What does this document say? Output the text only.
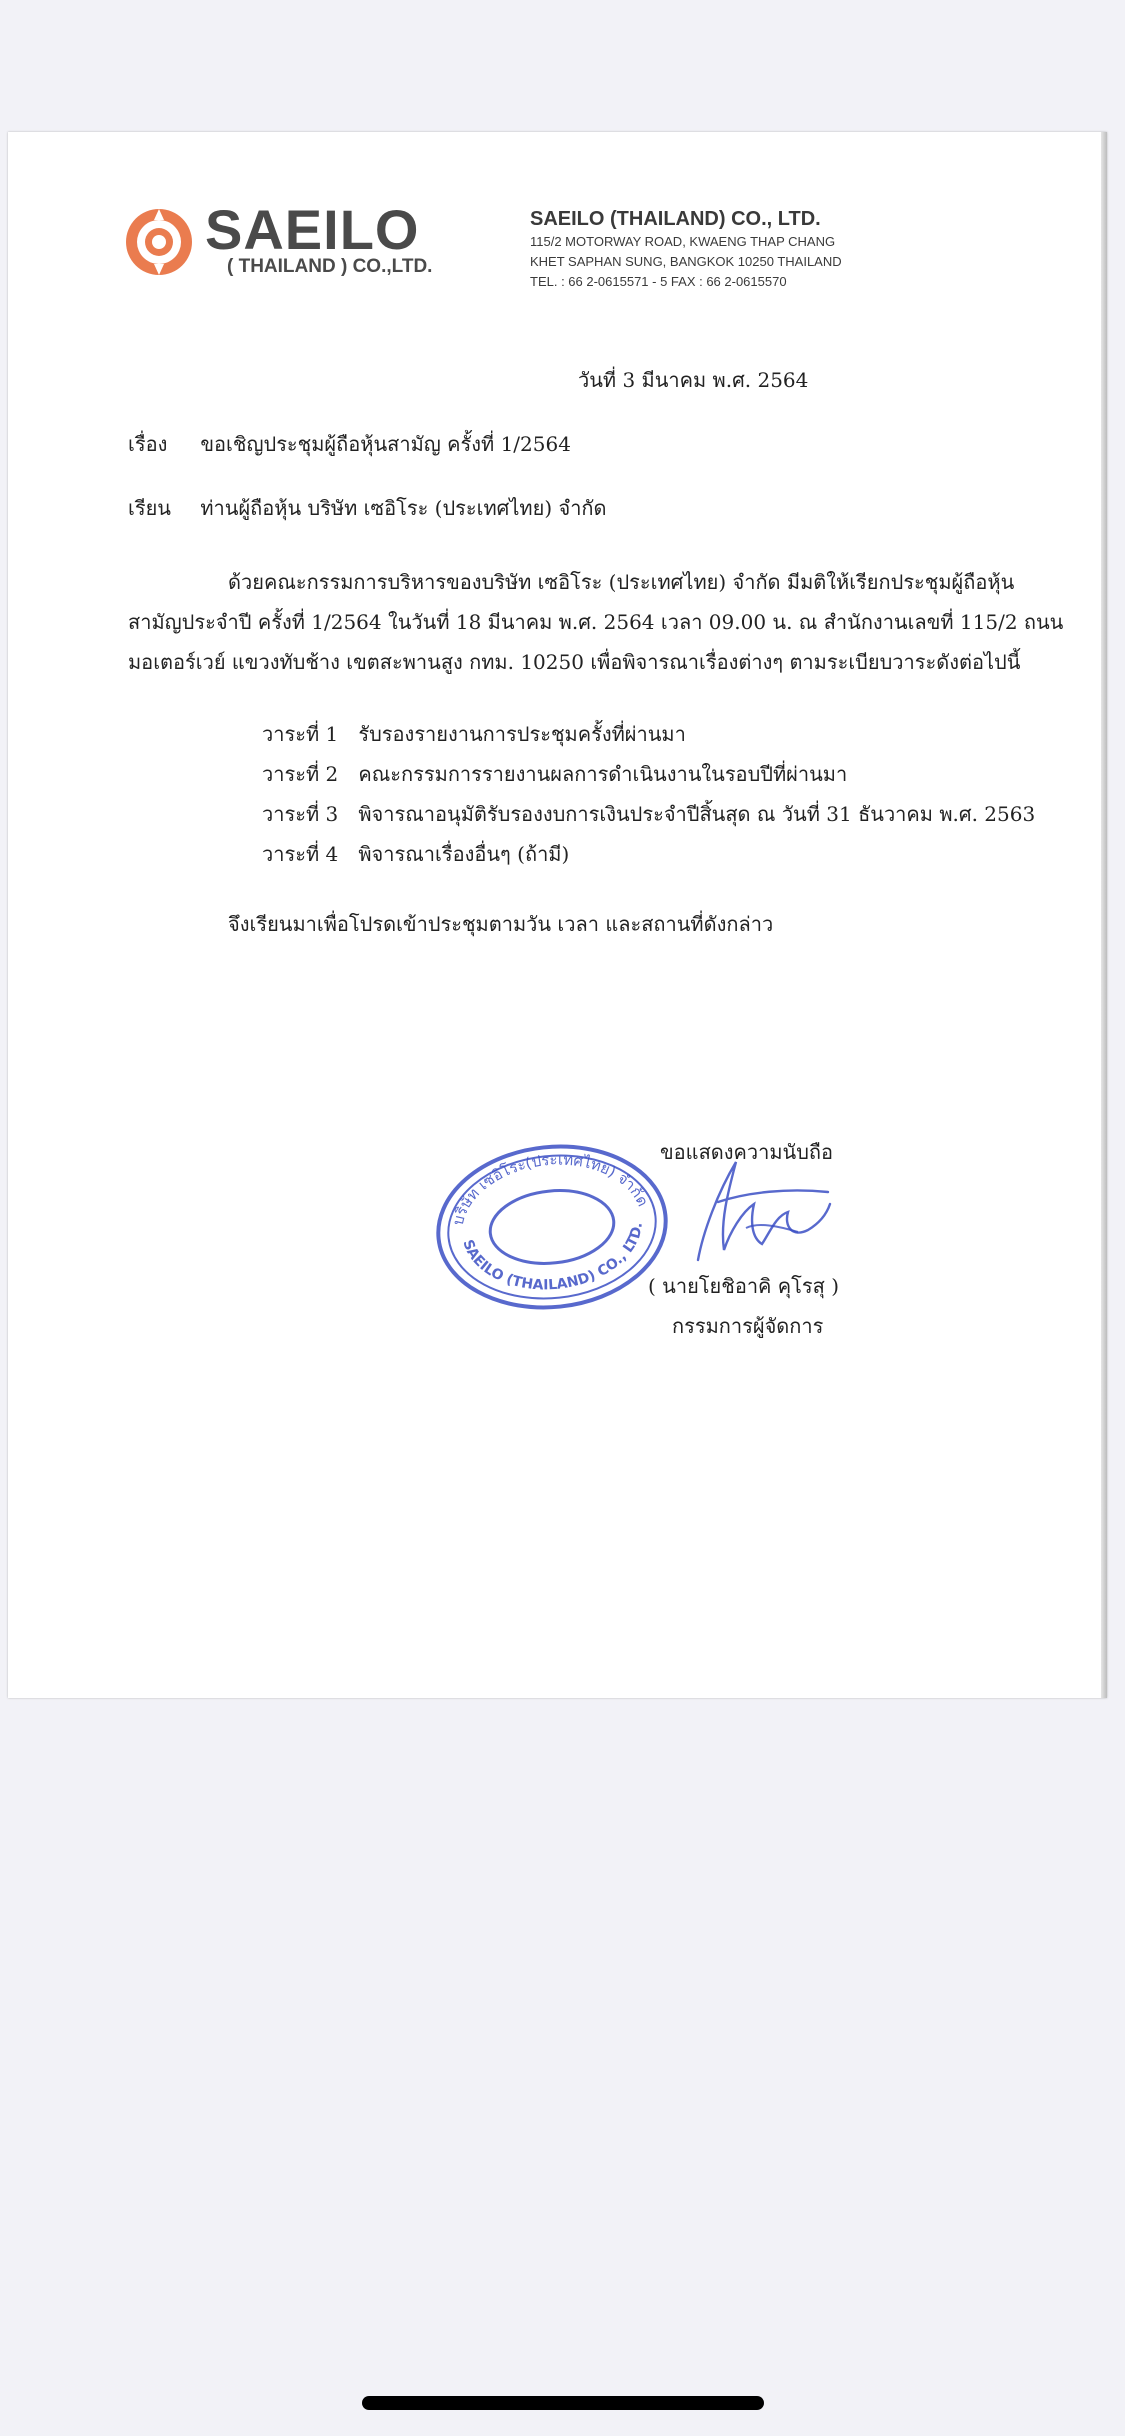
SAEILO
( THAILAND ) CO.,LTD.
SAEILO (THAILAND) CO., LTD.
115/2 MOTORWAY ROAD, KWAENG THAP CHANG
KHET SAPHAN SUNG, BANGKOK 10250 THAILAND
TEL. : 66 2-0615571 - 5 FAX : 66 2-0615570
วันที่ 3 มีนาคม พ.ศ. 2564
เรื่อง ขอเชิญประชุมผู้ถือหุ้นสามัญ ครั้งที่ 1/2564
เรียน ท่านผู้ถือหุ้น บริษัท เซอิโระ (ประเทศไทย) จำกัด
ด้วยคณะกรรมการบริหารของบริษัท เซอิโระ (ประเทศไทย) จำกัด มีมติให้เรียกประชุมผู้ถือหุ้น
สามัญประจำปี ครั้งที่ 1/2564 ในวันที่ 18 มีนาคม พ.ศ. 2564 เวลา 09.00 น. ณ สำนักงานเลขที่ 115/2 ถนน
มอเตอร์เวย์ แขวงทับช้าง เขตสะพานสูง กทม. 10250 เพื่อพิจารณาเรื่องต่างๆ ตามระเบียบวาระดังต่อไปนี้
วาระที่ 1 รับรองรายงานการประชุมครั้งที่ผ่านมา
วาระที่ 2 คณะกรรมการรายงานผลการดำเนินงานในรอบปีที่ผ่านมา
วาระที่ 3 พิจารณาอนุมัติรับรองงบการเงินประจำปีสิ้นสุด ณ วันที่ 31 ธันวาคม พ.ศ. 2563
วาระที่ 4 พิจารณาเรื่องอื่นๆ (ถ้ามี)
จึงเรียนมาเพื่อโปรดเข้าประชุมตามวัน เวลา และสถานที่ดังกล่าว
บริษัท เซอิโระ(ประเทศไทย) จำกัด
SAEILO (THAILAND) CO., LTD.
ขอแสดงความนับถือ
( นายโยชิอาคิ คุโรสุ )
กรรมการผู้จัดการ
